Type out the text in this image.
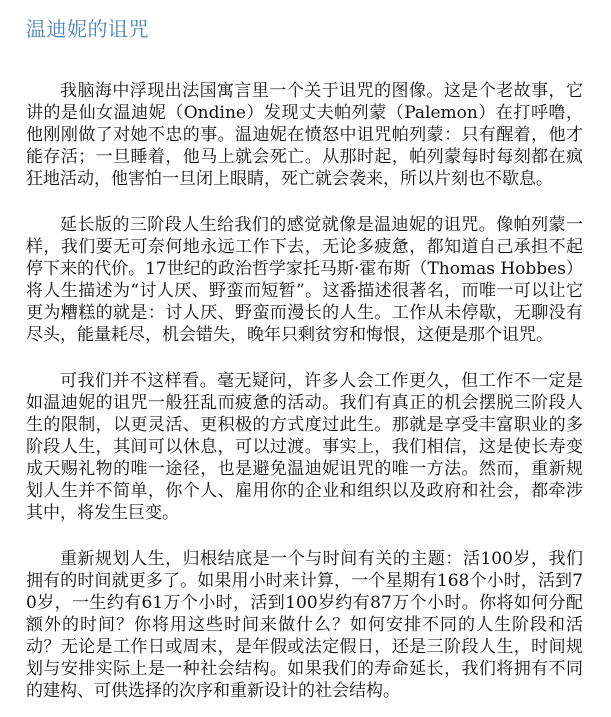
温迪妮的诅咒

我脑海中浮现出法国寓言里一个关于诅咒的图像。这是个老故事，它讲的是仙女温迪妮（Ondine）发现丈夫帕列蒙（Palemon）在打呼噜，他刚刚做了对她不忠的事。温迪妮在愤怒中诅咒帕列蒙：只有醒着，他才能存活；一旦睡着，他马上就会死亡。从那时起，帕列蒙每时每刻都在疯狂地活动，他害怕一旦闭上眼睛，死亡就会袭来，所以片刻也不歇息。

延长版的三阶段人生给我们的感觉就像是温迪妮的诅咒。像帕列蒙一样，我们要无可奈何地永远工作下去，无论多疲惫，都知道自己承担不起停下来的代价。17世纪的政治哲学家托马斯·霍布斯（Thomas Hobbes）将人生描述为“讨人厌、野蛮而短暂”。这番描述很著名，而唯一可以让它更为糟糕的就是：讨人厌、野蛮而漫长的人生。工作从未停歇，无聊没有尽头，能量耗尽，机会错失，晚年只剩贫穷和悔恨，这便是那个诅咒。

可我们并不这样看。毫无疑问，许多人会工作更久，但工作不一定是如温迪妮的诅咒一般狂乱而疲惫的活动。我们有真正的机会摆脱三阶段人生的限制，以更灵活、更积极的方式度过此生。那就是享受丰富职业的多阶段人生，其间可以休息，可以过渡。事实上，我们相信，这是使长寿变成天赐礼物的唯一途径，也是避免温迪妮诅咒的唯一方法。然而，重新规划人生并不简单，你个人、雇用你的企业和组织以及政府和社会，都牵涉其中，将发生巨变。

重新规划人生，归根结底是一个与时间有关的主题：活100岁，我们拥有的时间就更多了。如果用小时来计算，一个星期有168个小时，活到70岁，一生约有61万个小时，活到100岁约有87万个小时。你将如何分配额外的时间？你将用这些时间来做什么？如何安排不同的人生阶段和活动？无论是工作日或周末，是年假或法定假日，还是三阶段人生，时间规划与安排实际上是一种社会结构。如果我们的寿命延长，我们将拥有不同的建构、可供选择的次序和重新设计的社会结构。
